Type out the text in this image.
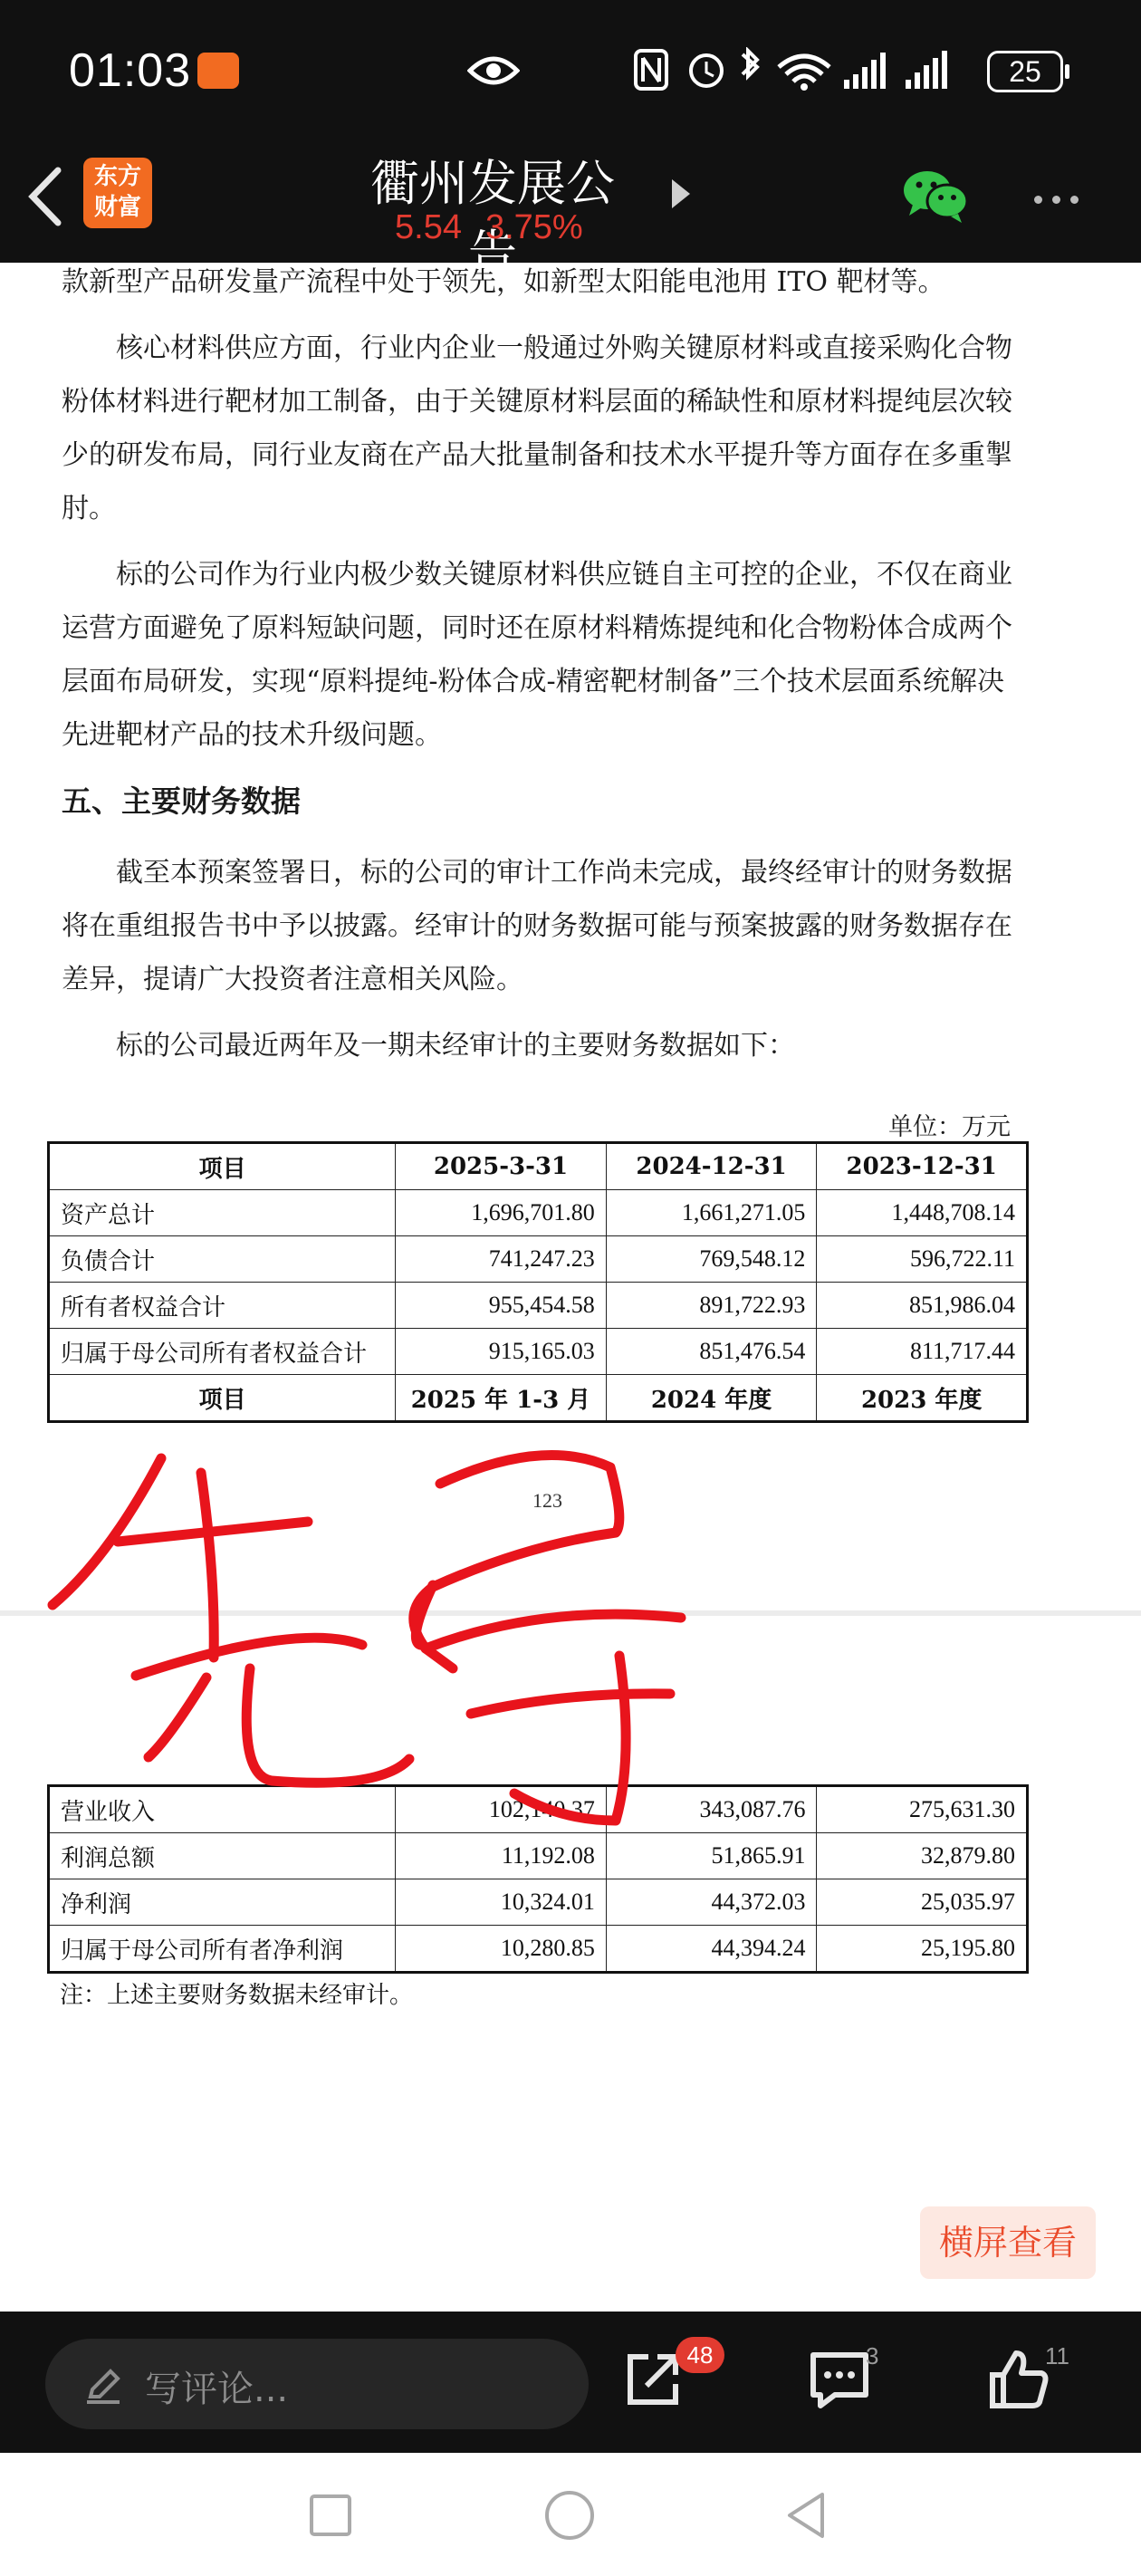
01:03	25
东方
财富	衢州发展公告
5.54 3.75%

款新型产品研发量产流程中处于领先，如新型太阳能电池用 ITO 靶材等。

核心材料供应方面，行业内企业一般通过外购关键原材料或直接采购化合物粉体材料进行靶材加工制备，由于关键原材料层面的稀缺性和原材料提纯层次较少的研发布局，同行业友商在产品大批量制备和技术水平提升等方面存在多重掣肘。

标的公司作为行业内极少数关键原材料供应链自主可控的企业，不仅在商业运营方面避免了原料短缺问题，同时还在原材料精炼提纯和化合物粉体合成两个层面布局研发，实现“原料提纯-粉体合成-精密靶材制备”三个技术层面系统解决先进靶材产品的技术升级问题。

五、主要财务数据

截至本预案签署日，标的公司的审计工作尚未完成，最终经审计的财务数据将在重组报告书中予以披露。经审计的财务数据可能与预案披露的财务数据存在差异，提请广大投资者注意相关风险。

标的公司最近两年及一期未经审计的主要财务数据如下：

单位：万元
项目	2025-3-31	2024-12-31	2023-12-31
资产总计	1,696,701.80	1,661,271.05	1,448,708.14
负债合计	741,247.23	769,548.12	596,722.11
所有者权益合计	955,454.58	891,722.93	851,986.04
归属于母公司所有者权益合计	915,165.03	851,476.54	811,717.44
项目	2025 年 1-3 月	2024 年度	2023 年度
123
营业收入	102,140.37	343,087.76	275,631.30
利润总额	11,192.08	51,865.91	32,879.80
净利润	10,324.01	44,372.03	25,035.97
归属于母公司所有者净利润	10,280.85	44,394.24	25,195.80
注：上述主要财务数据未经审计。
横屏查看
写评论...
48	3	11
